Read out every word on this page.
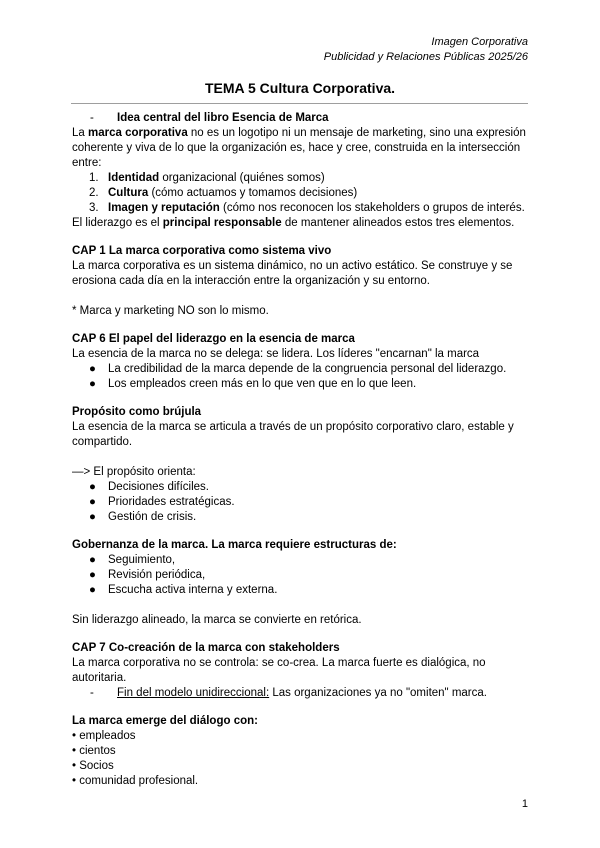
Imagen Corporativa
Publicidad y Relaciones Públicas 2025/26
TEMA 5 Cultura Corporativa.
- Idea central del libro Esencia de Marca

La marca corporativa no es un logotipo ni un mensaje de marketing, sino una expresión coherente y viva de lo que la organización es, hace y cree, construida en la intersección entre:

1. Identidad organizacional (quiénes somos)
2. Cultura (cómo actuamos y tomamos decisiones)
3. Imagen y reputación (cómo nos reconocen los stakeholders o grupos de interés.

El liderazgo es el principal responsable de mantener alineados estos tres elementos.

CAP 1 La marca corporativa como sistema vivo

La marca corporativa es un sistema dinámico, no un activo estático. Se construye y se erosiona cada día en la interacción entre la organización y su entorno.

* Marca y marketing NO son lo mismo.

CAP 6 El papel del liderazgo en la esencia de marca

La esencia de la marca no se delega: se lidera. Los líderes "encarnan" la marca

● La credibilidad de la marca depende de la congruencia personal del liderazgo.
● Los empleados creen más en lo que ven que en lo que leen.

Propósito como brújula

La esencia de la marca se articula a través de un propósito corporativo claro, estable y compartido.

—> El propósito orienta:

● Decisiones difíciles.
● Prioridades estratégicas.
● Gestión de crisis.

Gobernanza de la marca. La marca requiere estructuras de:

● Seguimiento,
● Revisión periódica,
● Escucha activa interna y externa.

Sin liderazgo alineado, la marca se convierte en retórica.

CAP 7 Co-creación de la marca con stakeholders

La marca corporativa no se controla: se co-crea. La marca fuerte es dialógica, no autoritaria.

- Fin del modelo unidireccional: Las organizaciones ya no "omiten" marca.

La marca emerge del diálogo con:

• empleados

• cientos

• Socios

• comunidad profesional.

1
